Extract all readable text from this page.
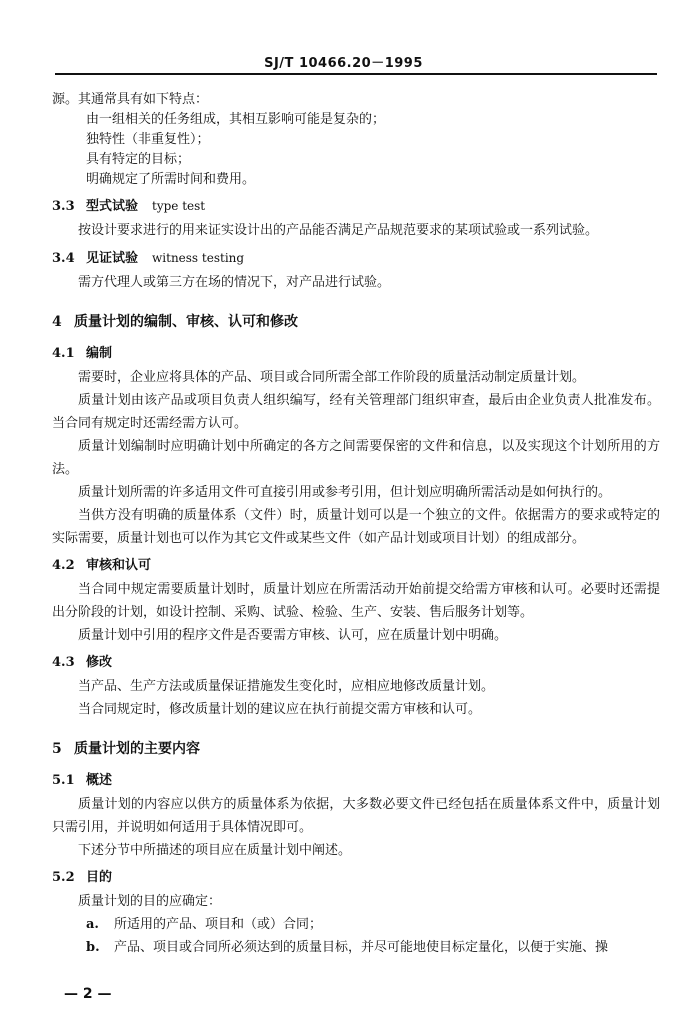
SJ/T 10466.20－1995

源。其通常具有如下特点：

由一组相关的任务组成，其相互影响可能是复杂的；

独特性（非重复性）；

具有特定的目标；

明确规定了所需时间和费用。

3.3 型式试验 type test

按设计要求进行的用来证实设计出的产品能否满足产品规范要求的某项试验或一系列试验。

3.4 见证试验 witness testing

需方代理人或第三方在场的情况下，对产品进行试验。

4 质量计划的编制、审核、认可和修改
4.1 编制

需要时，企业应将具体的产品、项目或合同所需全部工作阶段的质量活动制定质量计划。

质量计划由该产品或项目负责人组织编写，经有关管理部门组织审查，最后由企业负责人批准发布。当合同有规定时还需经需方认可。

质量计划编制时应明确计划中所确定的各方之间需要保密的文件和信息，以及实现这个计划所用的方法。

质量计划所需的许多适用文件可直接引用或参考引用，但计划应明确所需活动是如何执行的。

当供方没有明确的质量体系（文件）时，质量计划可以是一个独立的文件。依据需方的要求或特定的实际需要，质量计划也可以作为其它文件或某些文件（如产品计划或项目计划）的组成部分。

4.2 审核和认可

当合同中规定需要质量计划时，质量计划应在所需活动开始前提交给需方审核和认可。必要时还需提出分阶段的计划，如设计控制、采购、试验、检验、生产、安装、售后服务计划等。

质量计划中引用的程序文件是否要需方审核、认可，应在质量计划中明确。

4.3 修改

当产品、生产方法或质量保证措施发生变化时，应相应地修改质量计划。

当合同规定时，修改质量计划的建议应在执行前提交需方审核和认可。

5 质量计划的主要内容
5.1 概述

质量计划的内容应以供方的质量体系为依据，大多数必要文件已经包括在质量体系文件中，质量计划只需引用，并说明如何适用于具体情况即可。

下述分节中所描述的项目应在质量计划中阐述。

5.2 目的

质量计划的目的应确定：

a. 所适用的产品、项目和（或）合同；
b. 产品、项目或合同所必须达到的质量目标，并尽可能地使目标定量化，以便于实施、操
— 2 —
